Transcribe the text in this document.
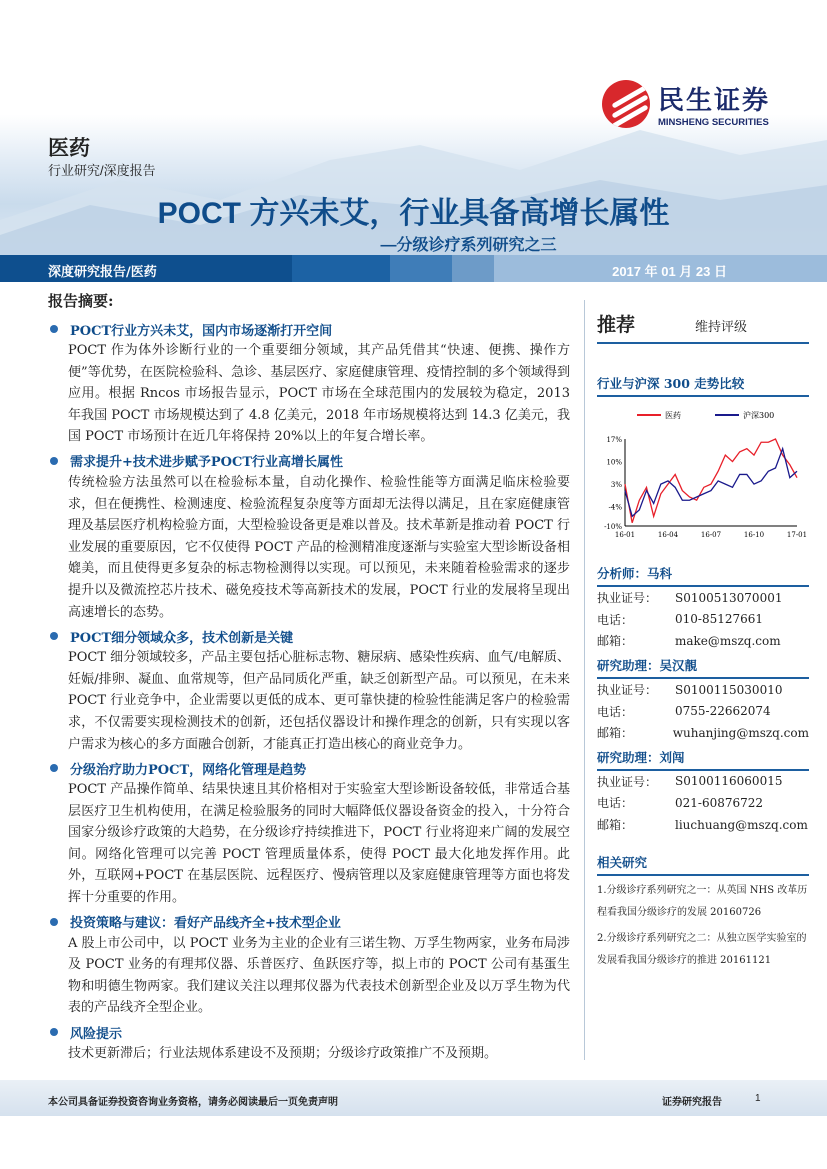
民生证券
MINSHENG SECURITIES
医药
行业研究/深度报告
POCT 方兴未艾，行业具备高增长属性
—分级诊疗系列研究之三
深度研究报告/医药	2017 年 01 月 23 日
报告摘要:
POCT行业方兴未艾，国内市场逐渐打开空间
POCT 作为体外诊断行业的一个重要细分领域，其产品凭借其“快速、便携、操作方便”等优势，在医院检验科、急诊、基层医疗、家庭健康管理、疫情控制的多个领域得到应用。根据 Rncos 市场报告显示，POCT 市场在全球范围内的发展较为稳定，2013 年我国 POCT 市场规模达到了 4.8 亿美元，2018 年市场规模将达到 14.3 亿美元，我国 POCT 市场预计在近几年将保持 20%以上的年复合增长率。
需求提升+技术进步赋予POCT行业高增长属性
传统检验方法虽然可以在检验标本量，自动化操作、检验性能等方面满足临床检验要求，但在便携性、检测速度、检验流程复杂度等方面却无法得以满足，且在家庭健康管理及基层医疗机构检验方面，大型检验设备更是难以普及。技术革新是推动着 POCT 行业发展的重要原因，它不仅使得 POCT 产品的检测精准度逐渐与实验室大型诊断设备相媲美，而且使得更多复杂的标志物检测得以实现。可以预见，未来随着检验需求的逐步提升以及微流控芯片技术、磁免疫技术等高新技术的发展，POCT 行业的发展将呈现出高速增长的态势。
POCT细分领域众多，技术创新是关键
POCT 细分领域较多，产品主要包括心脏标志物、糖尿病、感染性疾病、血气/电解质、妊娠/排卵、凝血、血常规等，但产品同质化严重，缺乏创新型产品。可以预见，在未来 POCT 行业竞争中，企业需要以更低的成本、更可靠快捷的检验性能满足客户的检验需求，不仅需要实现检测技术的创新，还包括仪器设计和操作理念的创新，只有实现以客户需求为核心的多方面融合创新，才能真正打造出核心的商业竞争力。
分级治疗助力POCT，网络化管理是趋势
POCT 产品操作简单、结果快速且其价格相对于实验室大型诊断设备较低，非常适合基层医疗卫生机构使用，在满足检验服务的同时大幅降低仪器设备资金的投入，十分符合国家分级诊疗政策的大趋势，在分级诊疗持续推进下，POCT 行业将迎来广阔的发展空间。网络化管理可以完善 POCT 管理质量体系，使得 POCT 最大化地发挥作用。此外，互联网+POCT 在基层医院、远程医疗、慢病管理以及家庭健康管理等方面也将发挥十分重要的作用。
投资策略与建议：看好产品线齐全+技术型企业
A 股上市公司中，以 POCT 业务为主业的企业有三诺生物、万孚生物两家，业务布局涉及 POCT 业务的有理邦仪器、乐普医疗、鱼跃医疗等，拟上市的 POCT 公司有基蛋生物和明德生物两家。我们建议关注以理邦仪器为代表技术创新型企业及以万孚生物为代表的产品线齐全型企业。
风险提示
技术更新滞后；行业法规体系建设不及预期；分级诊疗政策推广不及预期。
推荐	维持评级
行业与沪深 300 走势比较
17%
10%
3%
-4%
-10%
16-01	16-04	16-07	16-10	17-01
医药	沪深300
分析师：马科
执业证号：	S0100513070001
电话：	010-85127661
邮箱：	make@mszq.com
研究助理：吴汉靚
执业证号：	S0100115030010
电话：	0755-22662074
邮箱：	wuhanjing@mszq.com
研究助理：刘闯
执业证号：	S0100116060015
电话：	021-60876722
邮箱：	liuchuang@mszq.com
相关研究
1.分级诊疗系列研究之一：从英国 NHS 改革历程看我国分级诊疗的发展 20160726
2.分级诊疗系列研究之二：从独立医学实验室的发展看我国分级诊疗的推进 20161121
本公司具备证券投资咨询业务资格，请务必阅读最后一页免责声明	证券研究报告	1
